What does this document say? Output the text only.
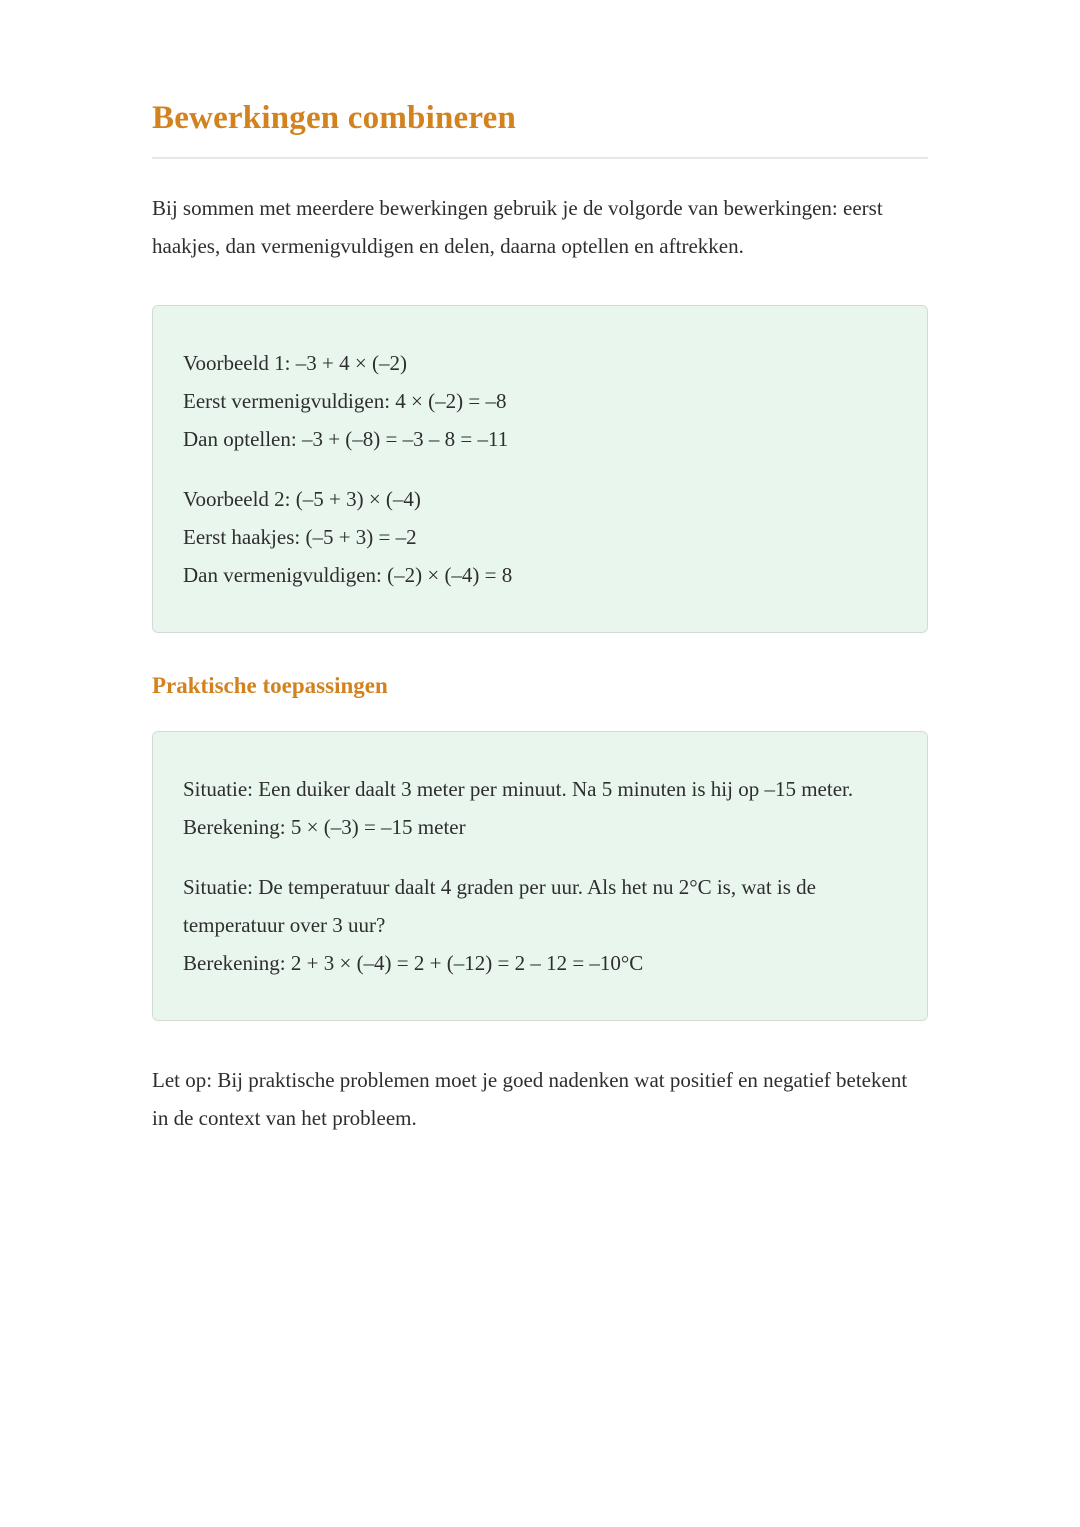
Bewerkingen combineren

Bij sommen met meerdere bewerkingen gebruik je de volgorde van bewerkingen: eerst haakjes, dan vermenigvuldigen en delen, daarna optellen en aftrekken.

Voorbeeld 1: –3 + 4 × (–2)
Eerst vermenigvuldigen: 4 × (–2) = –8
Dan optellen: –3 + (–8) = –3 – 8 = –11
Voorbeeld 2: (–5 + 3) × (–4)
Eerst haakjes: (–5 + 3) = –2
Dan vermenigvuldigen: (–2) × (–4) = 8
Praktische toepassingen
Situatie: Een duiker daalt 3 meter per minuut. Na 5 minuten is hij op –15 meter.
Berekening: 5 × (–3) = –15 meter
Situatie: De temperatuur daalt 4 graden per uur. Als het nu 2°C is, wat is de temperatuur over 3 uur?
Berekening: 2 + 3 × (–4) = 2 + (–12) = 2 – 12 = –10°C

Let op: Bij praktische problemen moet je goed nadenken wat positief en negatief betekent in de context van het probleem.
